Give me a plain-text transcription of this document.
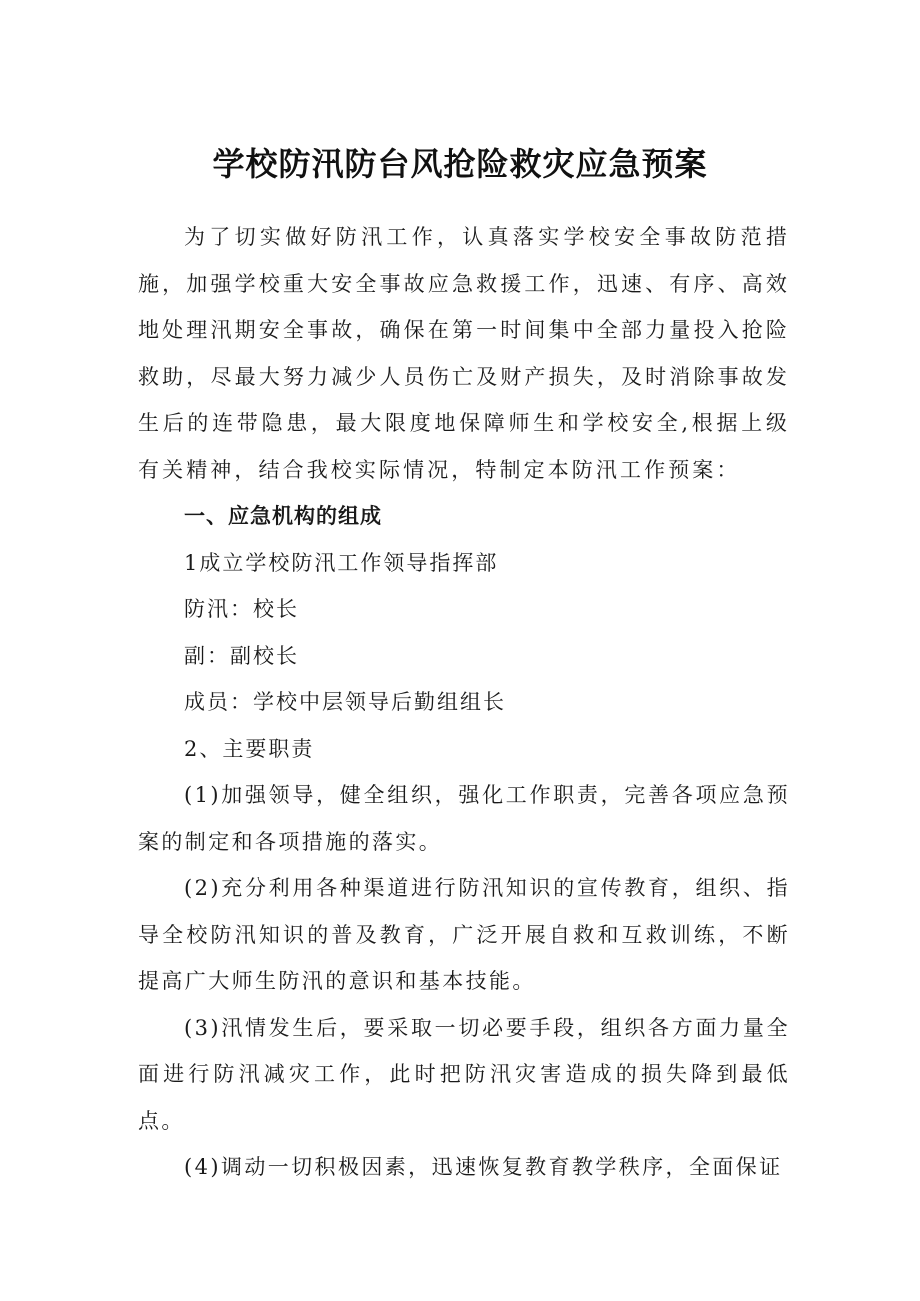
学校防汛防台风抢险救灾应急预案

为了切实做好防汛工作，认真落实学校安全事故防范措施，加强学校重大安全事故应急救援工作，迅速、有序、高效地处理汛期安全事故，确保在第一时间集中全部力量投入抢险救助，尽最大努力减少人员伤亡及财产损失，及时消除事故发生后的连带隐患，最大限度地保障师生和学校安全,根据上级有关精神，结合我校实际情况，特制定本防汛工作预案：

一、应急机构的组成

1成立学校防汛工作领导指挥部

防汛：校长

副：副校长

成员：学校中层领导后勤组组长

2、主要职责

(1)加强领导，健全组织，强化工作职责，完善各项应急预案的制定和各项措施的落实。

(2)充分利用各种渠道进行防汛知识的宣传教育，组织、指导全校防汛知识的普及教育，广泛开展自救和互救训练，不断提高广大师生防汛的意识和基本技能。

(3)汛情发生后，要采取一切必要手段，组织各方面力量全面进行防汛减灾工作，此时把防汛灾害造成的损失降到最低点。

(4)调动一切积极因素，迅速恢复教育教学秩序，全面保证
